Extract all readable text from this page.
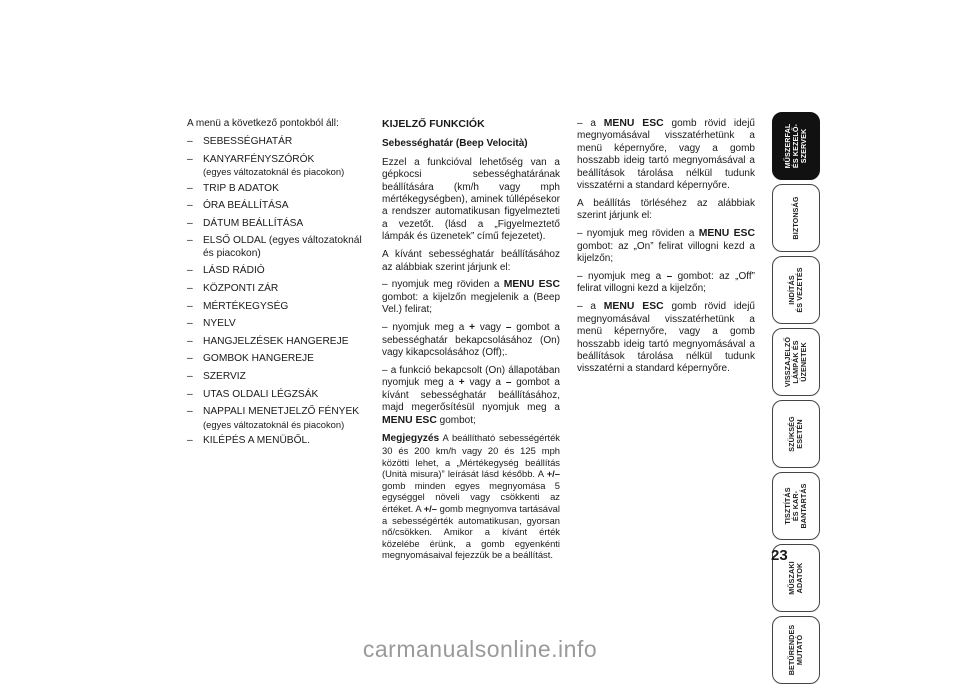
A menü a következő pontokból áll:

– SEBESSÉGHATÁR
– KANYARFÉNYSZÓRÓK
(egyes változatoknál és piacokon)
– TRIP B ADATOK
– ÓRA BEÁLLÍTÁSA
– DÁTUM BEÁLLÍTÁSA
– ELSŐ OLDAL (egyes változatoknál és piacokon)
– LÁSD RÁDIÓ
– KÖZPONTI ZÁR
– MÉRTÉKEGYSÉG
– NYELV
– HANGJELZÉSEK HANGEREJE
– GOMBOK HANGEREJE
– SZERVIZ
– UTAS OLDALI LÉGZSÁK
– NAPPALI MENETJELZŐ FÉNYEK
(egyes változatoknál és piacokon)
– KILÉPÉS A MENÜBŐL.
KIJELZŐ FUNKCIÓK
Sebességhatár (Beep Velocità)

Ezzel a funkcióval lehetőség van a gépkocsi sebességhatárának beállítására (km/h vagy mph mértékegységben), aminek túllépésekor a rendszer automatikusan figyelmezteti a vezetőt. (lásd a „Figyelmeztető lámpák és üzenetek” című fejezetet).

A kívánt sebességhatár beállításához az alábbiak szerint járjunk el:

– nyomjuk meg röviden a MENU ESC gombot: a kijelzőn megjelenik a (Beep Vel.) felirat;

– nyomjuk meg a + vagy – gombot a sebességhatár bekapcsolásához (On) vagy kikapcsolásához (Off);.

– a funkció bekapcsolt (On) állapotában nyomjuk meg a + vagy a – gombot a kívánt sebességhatár beállításához, majd megerősítésül nyomjuk meg a MENU ESC gombot;

Megjegyzés A beállítható sebességérték 30 és 200 km/h vagy 20 és 125 mph közötti lehet, a „Mértékegység beállítás (Unità misura)” leírását lásd később. A +/– gomb minden egyes megnyomása 5 egységgel növeli vagy csökkenti az értéket. A +/– gomb megnyomva tartásával a sebességérték automatikusan, gyorsan nő/csökken. Amikor a kívánt érték közelébe érünk, a gomb egyenkénti megnyomásaival fejezzük be a beállítást.

– a MENU ESC gomb rövid idejű megnyomásával visszatérhetünk a menü képernyőre, vagy a gomb hosszabb ideig tartó megnyomásával a beállítások tárolása nélkül tudunk visszatérni a standard képernyőre.

A beállítás törléséhez az alábbiak szerint járjunk el:

– nyomjuk meg röviden a MENU ESC gombot: az „On” felirat villogni kezd a kijelzőn;

– nyomjuk meg a – gombot: az „Off” felirat villogni kezd a kijelzőn;

– a MENU ESC gomb rövid idejű megnyomásával visszatérhetünk a menü képernyőre, vagy a gomb hosszabb ideig tartó megnyomásával a beállítások tárolása nélkül tudunk visszatérni a standard képernyőre.

MŰSZERFAL
ÉS KEZELŐ-
SZERVEK
BIZTONSÁG
INDÍTÁS
ÉS VEZETÉS
VISSZAJELZŐ
LÁMPÁK ÉS
ÜZENETEK
SZÜKSÉG
ESETÉN
TISZTÍTÁS
ÉS KAR-
BANTARTÁS
MŰSZAKI
ADATOK
BETŰRENDES
MUTATÓ
23
carmanualsonline.info
